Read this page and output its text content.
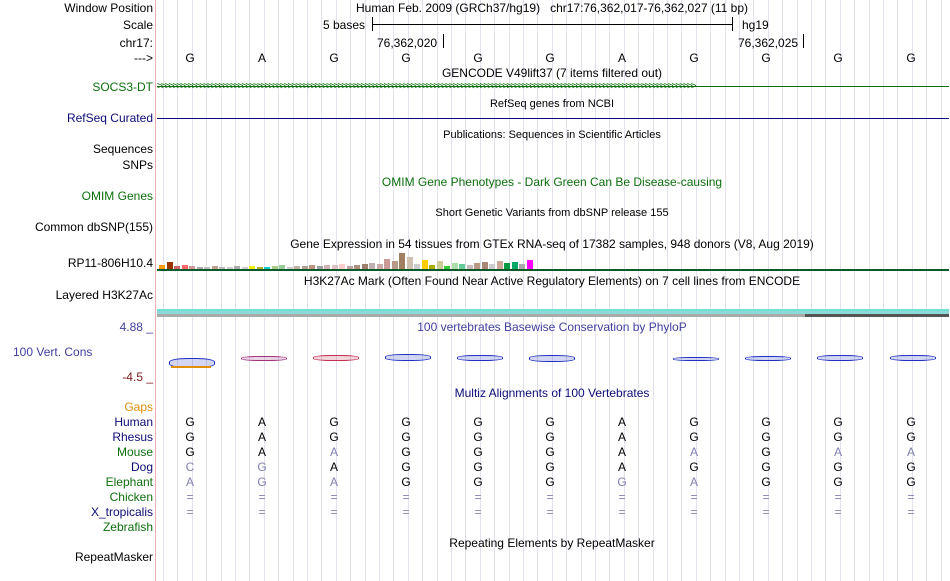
Window Position
Scale
chr17:
--->
Human Feb. 2009 (GRCh37/hg19)   chr17:76,362,017-76,362,027 (11 bp)
5 bases	hg19
76,362,020	76,362,025
G	A	G	G	G	G	A	G	G	G	G
GENCODE V49lift37 (7 items filtered out)
SOCS3-DT >>>>>>>>>>>>>>>>>>>>>>>>>>>>>>>>>>>>>>>>>>>>>>>>>>>>>>>>>>>>>>>>>>>>>>>>>>>>>>>>>>>>>>>>>>>>>>>>>>>>>>>>>>>>>>>>>>>>>>>>>>>>>>>>>>>>>>>>>>>>
RefSeq genes from NCBI
RefSeq Curated
Publications: Sequences in Scientific Articles
Sequences
SNPs
OMIM Gene Phenotypes - Dark Green Can Be Disease-causing
OMIM Genes
Short Genetic Variants from dbSNP release 155
Common dbSNP(155)
Gene Expression in 54 tissues from GTEx RNA-seq of 17382 samples, 948 donors (V8, Aug 2019)
RP11-806H10.4
H3K27Ac Mark (Often Found Near Active Regulatory Elements) on 7 cell lines from ENCODE
Layered H3K27Ac
4.88 _	100 vertebrates Basewise Conservation by PhyloP
100 Vert. Cons
-4.5 _
Multiz Alignments of 100 Vertebrates
Gaps
Human	G	A	G	G	G	G	A	G	G	G	G
Rhesus	G	A	G	G	G	G	A	G	G	G	G
Mouse	G	A	A	G	G	G	A	A	G	A	A
Dog	C	G	A	G	G	G	A	G	G	G	G
Elephant	A	G	A	G	G	G	G	A	G	G	G
Chicken	=	=	=	=	=	=	=	=	=	=	=
X_tropicalis	=	=	=	=	=	=	=	=	=	=	=
Zebrafish
Repeating Elements by RepeatMasker
RepeatMasker
